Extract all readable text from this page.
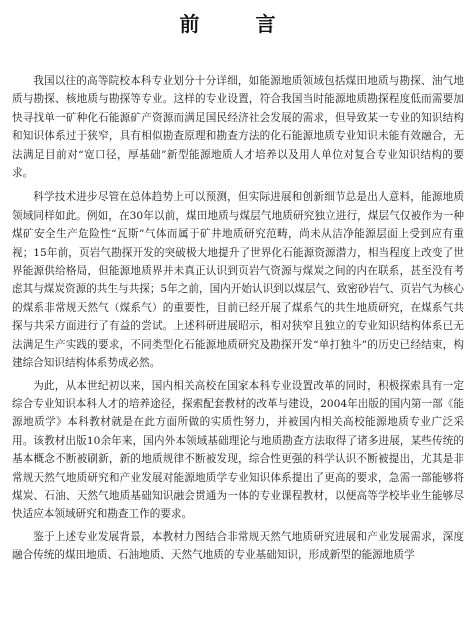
前　言

我国以往的高等院校本科专业划分十分详细，如能源地质领域包括煤田地质与勘探、油气地质与勘探、核地质与勘探等专业。这样的专业设置，符合我国当时能源地质勘探程度低而需要加快寻找单一矿种化石能源矿产资源而满足国民经济社会发展的需求，但导致某一专业的知识结构和知识体系过于狭窄，具有相似勘查原理和勘查方法的化石能源地质专业知识未能有效融合，无法满足目前对“宽口径，厚基础”新型能源地质人才培养以及用人单位对复合专业知识结构的要求。

科学技术进步尽管在总体趋势上可以预测，但实际进展和创新细节总是出人意料，能源地质领域同样如此。例如，在30年以前，煤田地质与煤层气地质研究独立进行，煤层气仅被作为一种煤矿安全生产危险性“瓦斯”气体而属于矿井地质研究范畴，尚未从洁净能源层面上受到应有重视；15年前，页岩气勘探开发的突破极大地提升了世界化石能源资源潜力，相当程度上改变了世界能源供给格局，但能源地质界并未真正认识到页岩气资源与煤炭之间的内在联系，甚至没有考虑其与煤炭资源的共生与共探；5年之前，国内开始认识到以煤层气、致密砂岩气、页岩气为核心的煤系非常规天然气（煤系气）的重要性，目前已经开展了煤系气的共生地质研究，在煤系气共探与共采方面进行了有益的尝试。上述科研进展昭示，相对狭窄且独立的专业知识结构体系已无法满足生产实践的要求，不同类型化石能源地质研究及勘探开发“单打独斗”的历史已经结束，构建综合知识结构体系势成必然。

为此，从本世纪初以来，国内相关高校在国家本科专业设置改革的同时，积极探索具有一定综合专业知识本科人才的培养途径，探索配套教材的改革与建设，2004年出版的国内第一部《能源地质学》本科教材就是在此方面所做的实质性努力，并被国内相关高校能源地质专业广泛采用。该教材出版10余年来，国内外本领域基础理论与地质勘查方法取得了诸多进展，某些传统的基本概念不断被刷新，新的地质规律不断被发现，综合性更强的科学认识不断被提出，尤其是非常规天然气地质研究和产业发展对能源地质学专业知识体系提出了更高的要求，急需一部能够将煤炭、石油、天然气地质基础知识融会贯通为一体的专业课程教材，以便高等学校毕业生能够尽快适应本领域研究和勘查工作的要求。

鉴于上述专业发展背景，本教材力图结合非常规天然气地质研究进展和产业发展需求，深度融合传统的煤田地质、石油地质、天然气地质的专业基础知识，形成新型的能源地质学
